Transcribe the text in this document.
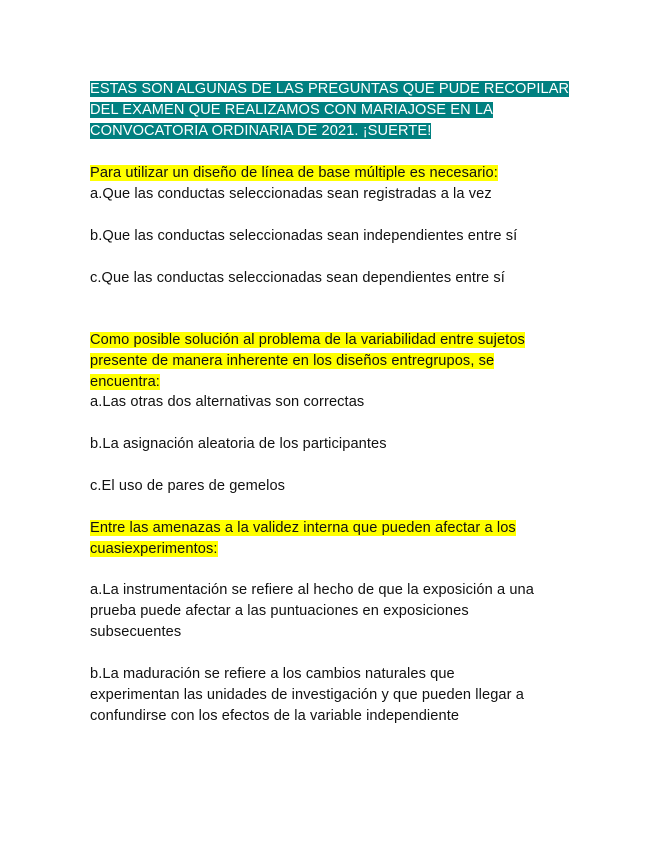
ESTAS SON ALGUNAS DE LAS PREGUNTAS QUE PUDE RECOPILAR
DEL EXAMEN QUE REALIZAMOS CON MARIAJOSE EN LA
CONVOCATORIA ORDINARIA DE 2021. ¡SUERTE!
Para utilizar un diseño de línea de base múltiple es necesario:
a.Que las conductas seleccionadas sean registradas a la vez
b.Que las conductas seleccionadas sean independientes entre sí
c.Que las conductas seleccionadas sean dependientes entre sí
Como posible solución al problema de la variabilidad entre sujetos
presente de manera inherente en los diseños entregrupos, se
encuentra:
a.Las otras dos alternativas son correctas
b.La asignación aleatoria de los participantes
c.El uso de pares de gemelos
Entre las amenazas a la validez interna que pueden afectar a los
cuasiexperimentos:
a.La instrumentación se refiere al hecho de que la exposición a una
prueba puede afectar a las puntuaciones en exposiciones
subsecuentes
b.La maduración se refiere a los cambios naturales que
experimentan las unidades de investigación y que pueden llegar a
confundirse con los efectos de la variable independiente
